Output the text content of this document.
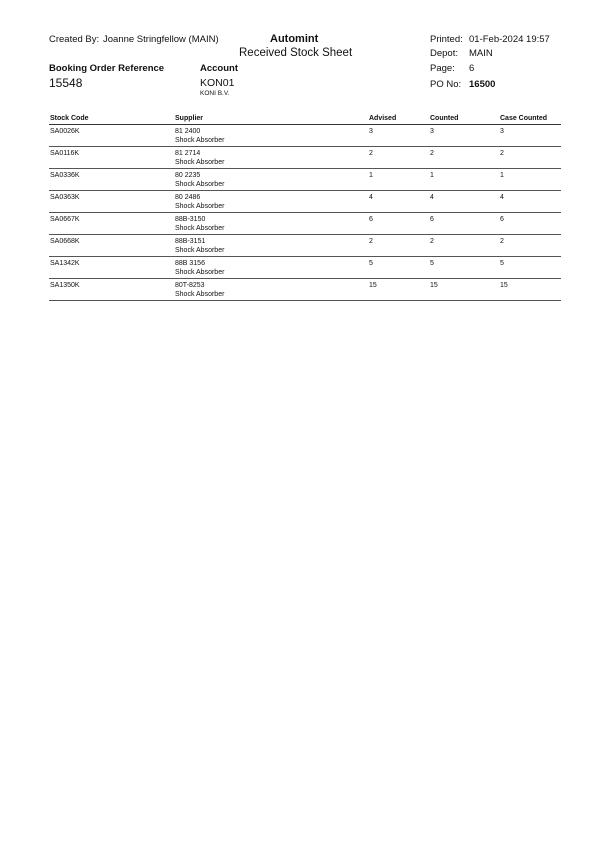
Created By: Joanne Stringfellow (MAIN)	Automint
Received Stock Sheet
Printed: 01-Feb-2024 19:57
Depot: MAIN
Page: 6
PO No: 16500
Booking Order Reference
15548
Account
KON01
KONI B.V.
Stock Code	Supplier	Advised	Counted	Case Counted
SA0026K	81 2400
Shock Absorber
3	3	3
SA0116K	81 2714
Shock Absorber
2	2	2
SA0336K	80 2235
Shock Absorber
1	1	1
SA0363K	80 2486
Shock Absorber
4	4	4
SA0667K	88B-3150
Shock Absorber
6	6	6
SA0668K	88B-3151
Shock Absorber
2	2	2
SA1342K	88B 3156
Shock Absorber
5	5	5
SA1350K	80T-8253
Shock Absorber
15	15	15
